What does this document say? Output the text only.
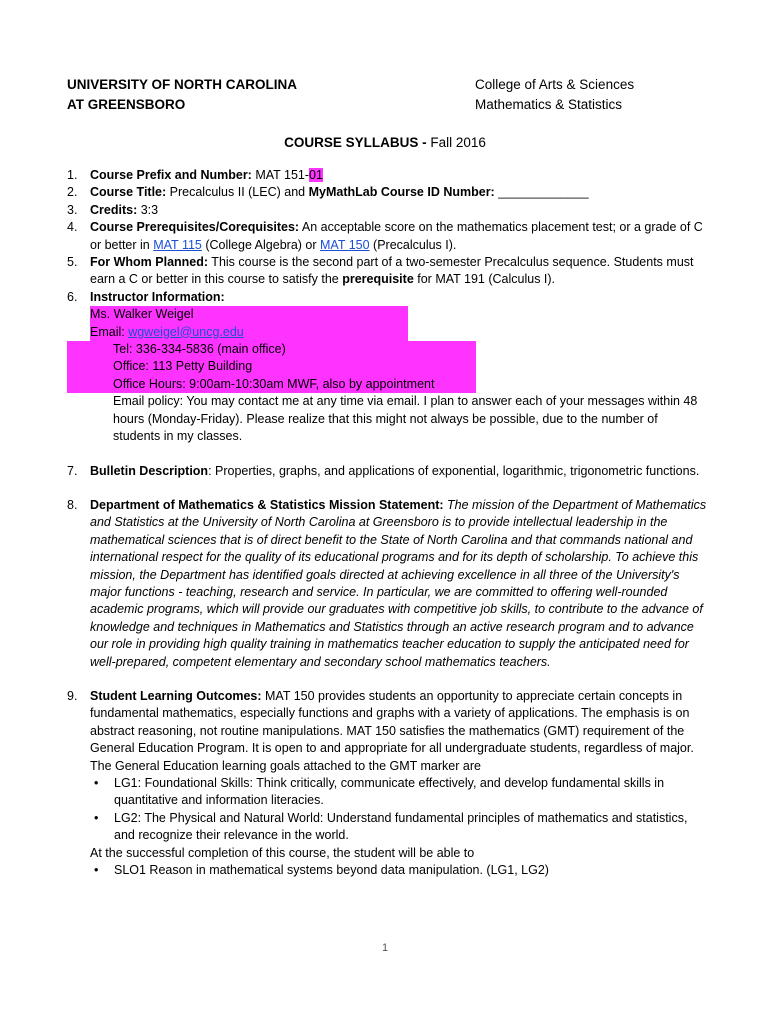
UNIVERSITY OF NORTH CAROLINA
AT GREENSBORO
College of Arts & Sciences
Mathematics & Statistics
COURSE SYLLABUS - Fall 2016
1. Course Prefix and Number: MAT 151-01
2. Course Title: Precalculus II (LEC) and MyMathLab Course ID Number: _____________
3. Credits: 3:3
4. Course Prerequisites/Corequisites: An acceptable score on the mathematics placement test; or a grade of C or better in MAT 115 (College Algebra) or MAT 150 (Precalculus I).
5. For Whom Planned: This course is the second part of a two-semester Precalculus sequence. Students must earn a C or better in this course to satisfy the prerequisite for MAT 191 (Calculus I).
6. Instructor Information:
Ms. Walker Weigel
Email: wgweigel@uncg.edu
Tel: 336-334-5836 (main office)
Office: 113 Petty Building
Office Hours: 9:00am-10:30am MWF, also by appointment
Email policy: You may contact me at any time via email. I plan to answer each of your messages within 48 hours (Monday-Friday). Please realize that this might not always be possible, due to the number of students in my classes.
7. Bulletin Description: Properties, graphs, and applications of exponential, logarithmic, trigonometric functions.
8. Department of Mathematics & Statistics Mission Statement: The mission of the Department of Mathematics and Statistics at the University of North Carolina at Greensboro is to provide intellectual leadership in the mathematical sciences that is of direct benefit to the State of North Carolina and that commands national and international respect for the quality of its educational programs and for its depth of scholarship. To achieve this mission, the Department has identified goals directed at achieving excellence in all three of the University's major functions - teaching, research and service. In particular, we are committed to offering well-rounded academic programs, which will provide our graduates with competitive job skills, to contribute to the advance of knowledge and techniques in Mathematics and Statistics through an active research program and to advance our role in providing high quality training in mathematics teacher education to supply the anticipated need for well-prepared, competent elementary and secondary school mathematics teachers.
9. Student Learning Outcomes: MAT 150 provides students an opportunity to appreciate certain concepts in fundamental mathematics, especially functions and graphs with a variety of applications. The emphasis is on abstract reasoning, not routine manipulations. MAT 150 satisfies the mathematics (GMT) requirement of the General Education Program. It is open to and appropriate for all undergraduate students, regardless of major.
The General Education learning goals attached to the GMT marker are
• LG1: Foundational Skills: Think critically, communicate effectively, and develop fundamental skills in quantitative and information literacies.
• LG2: The Physical and Natural World: Understand fundamental principles of mathematics and statistics, and recognize their relevance in the world.
At the successful completion of this course, the student will be able to
• SLO1 Reason in mathematical systems beyond data manipulation. (LG1, LG2)
1
